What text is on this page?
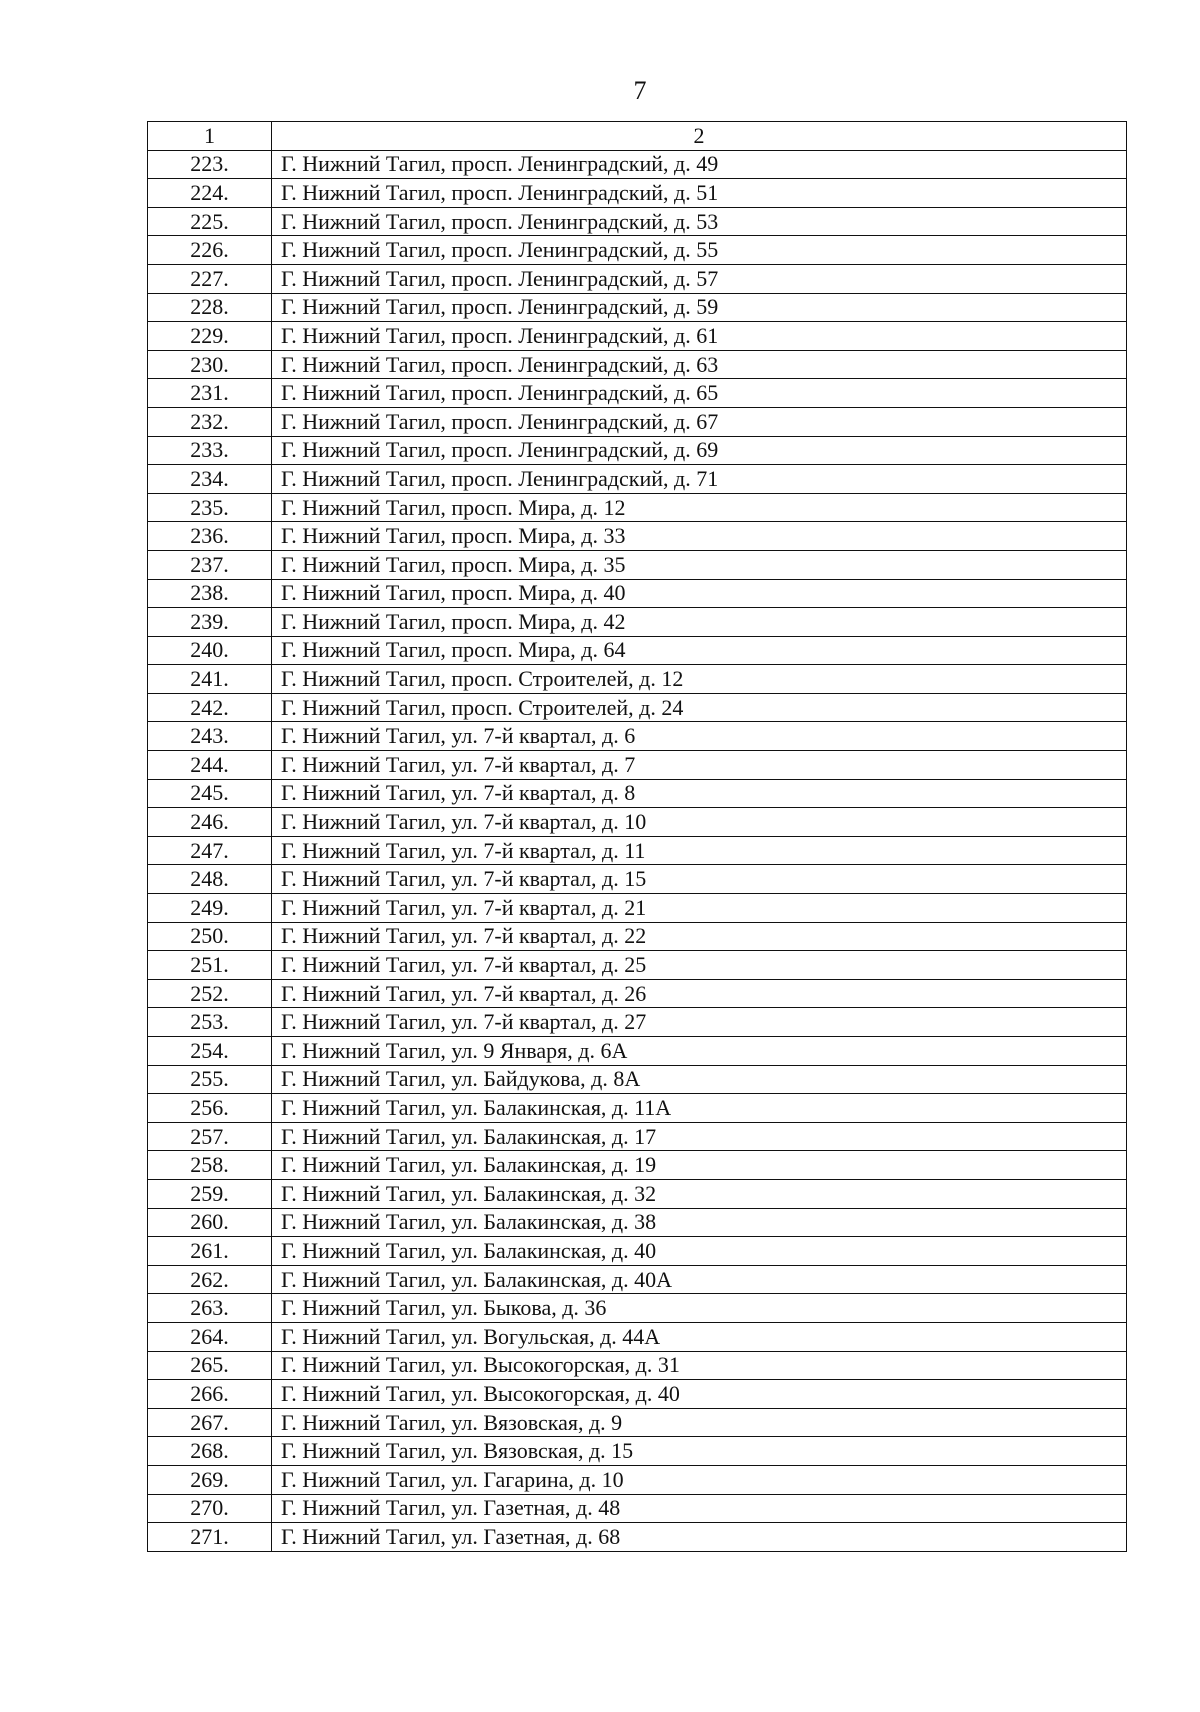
7
1	2
223.	Г. Нижний Тагил, просп. Ленинградский, д. 49
224.	Г. Нижний Тагил, просп. Ленинградский, д. 51
225.	Г. Нижний Тагил, просп. Ленинградский, д. 53
226.	Г. Нижний Тагил, просп. Ленинградский, д. 55
227.	Г. Нижний Тагил, просп. Ленинградский, д. 57
228.	Г. Нижний Тагил, просп. Ленинградский, д. 59
229.	Г. Нижний Тагил, просп. Ленинградский, д. 61
230.	Г. Нижний Тагил, просп. Ленинградский, д. 63
231.	Г. Нижний Тагил, просп. Ленинградский, д. 65
232.	Г. Нижний Тагил, просп. Ленинградский, д. 67
233.	Г. Нижний Тагил, просп. Ленинградский, д. 69
234.	Г. Нижний Тагил, просп. Ленинградский, д. 71
235.	Г. Нижний Тагил, просп. Мира, д. 12
236.	Г. Нижний Тагил, просп. Мира, д. 33
237.	Г. Нижний Тагил, просп. Мира, д. 35
238.	Г. Нижний Тагил, просп. Мира, д. 40
239.	Г. Нижний Тагил, просп. Мира, д. 42
240.	Г. Нижний Тагил, просп. Мира, д. 64
241.	Г. Нижний Тагил, просп. Строителей, д. 12
242.	Г. Нижний Тагил, просп. Строителей, д. 24
243.	Г. Нижний Тагил, ул. 7-й квартал, д. 6
244.	Г. Нижний Тагил, ул. 7-й квартал, д. 7
245.	Г. Нижний Тагил, ул. 7-й квартал, д. 8
246.	Г. Нижний Тагил, ул. 7-й квартал, д. 10
247.	Г. Нижний Тагил, ул. 7-й квартал, д. 11
248.	Г. Нижний Тагил, ул. 7-й квартал, д. 15
249.	Г. Нижний Тагил, ул. 7-й квартал, д. 21
250.	Г. Нижний Тагил, ул. 7-й квартал, д. 22
251.	Г. Нижний Тагил, ул. 7-й квартал, д. 25
252.	Г. Нижний Тагил, ул. 7-й квартал, д. 26
253.	Г. Нижний Тагил, ул. 7-й квартал, д. 27
254.	Г. Нижний Тагил, ул. 9 Января, д. 6А
255.	Г. Нижний Тагил, ул. Байдукова, д. 8А
256.	Г. Нижний Тагил, ул. Балакинская, д. 11А
257.	Г. Нижний Тагил, ул. Балакинская, д. 17
258.	Г. Нижний Тагил, ул. Балакинская, д. 19
259.	Г. Нижний Тагил, ул. Балакинская, д. 32
260.	Г. Нижний Тагил, ул. Балакинская, д. 38
261.	Г. Нижний Тагил, ул. Балакинская, д. 40
262.	Г. Нижний Тагил, ул. Балакинская, д. 40А
263.	Г. Нижний Тагил, ул. Быкова, д. 36
264.	Г. Нижний Тагил, ул. Вогульская, д. 44А
265.	Г. Нижний Тагил, ул. Высокогорская, д. 31
266.	Г. Нижний Тагил, ул. Высокогорская, д. 40
267.	Г. Нижний Тагил, ул. Вязовская, д. 9
268.	Г. Нижний Тагил, ул. Вязовская, д. 15
269.	Г. Нижний Тагил, ул. Гагарина, д. 10
270.	Г. Нижний Тагил, ул. Газетная, д. 48
271.	Г. Нижний Тагил, ул. Газетная, д. 68
